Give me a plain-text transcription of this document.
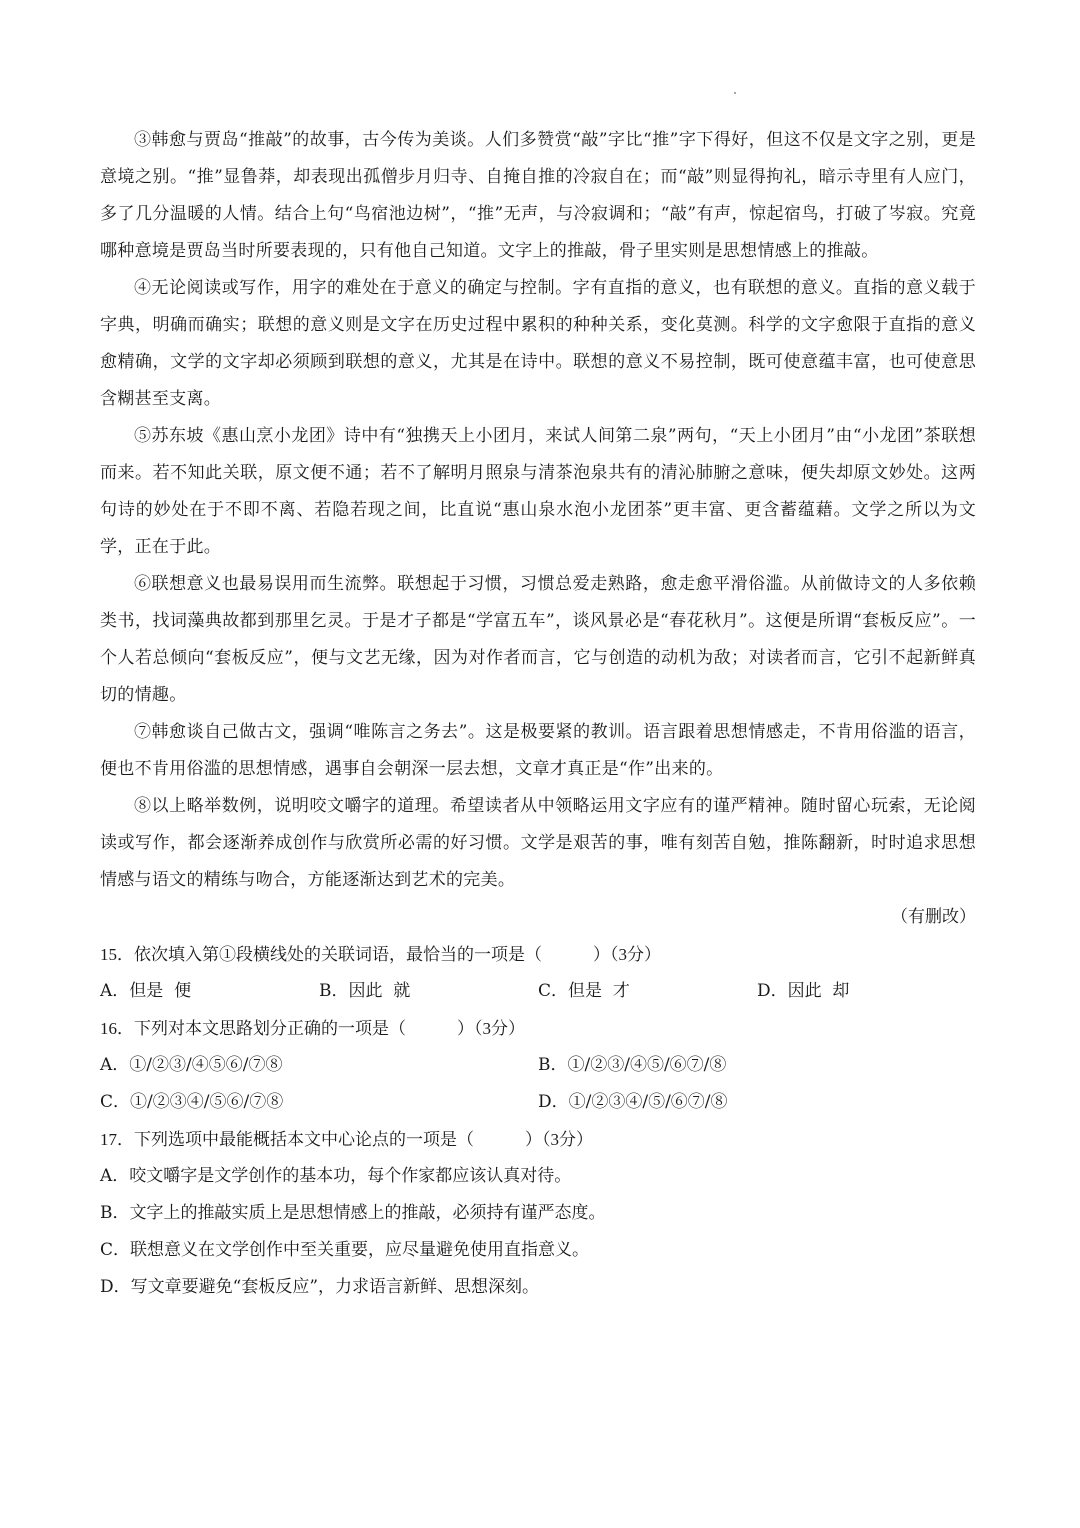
③韩愈与贾岛“推敲”的故事，古今传为美谈。人们多赞赏“敲”字比“推”字下得好，但这不仅是文字之别，更是意境之别。“推”显鲁莽，却表现出孤僧步月归寺、自掩自推的冷寂自在；而“敲”则显得拘礼，暗示寺里有人应门，多了几分温暖的人情。结合上句“鸟宿池边树”，“推”无声，与冷寂调和；“敲”有声，惊起宿鸟，打破了岑寂。究竟哪种意境是贾岛当时所要表现的，只有他自己知道。文字上的推敲，骨子里实则是思想情感上的推敲。

④无论阅读或写作，用字的难处在于意义的确定与控制。字有直指的意义，也有联想的意义。直指的意义载于字典，明确而确实；联想的意义则是文字在历史过程中累积的种种关系，变化莫测。科学的文字愈限于直指的意义愈精确，文学的文字却必须顾到联想的意义，尤其是在诗中。联想的意义不易控制，既可使意蕴丰富，也可使意思含糊甚至支离。

⑤苏东坡《惠山烹小龙团》诗中有“独携天上小团月，来试人间第二泉”两句，“天上小团月”由“小龙团”茶联想而来。若不知此关联，原文便不通；若不了解明月照泉与清茶泡泉共有的清沁肺腑之意味，便失却原文妙处。这两句诗的妙处在于不即不离、若隐若现之间，比直说“惠山泉水泡小龙团茶”更丰富、更含蓄蕴藉。文学之所以为文学，正在于此。

⑥联想意义也最易误用而生流弊。联想起于习惯，习惯总爱走熟路，愈走愈平滑俗滥。从前做诗文的人多依赖类书，找词藻典故都到那里乞灵。于是才子都是“学富五车”，谈风景必是“春花秋月”。这便是所谓“套板反应”。一个人若总倾向“套板反应”，便与文艺无缘，因为对作者而言，它与创造的动机为敌；对读者而言，它引不起新鲜真切的情趣。

⑦韩愈谈自己做古文，强调“唯陈言之务去”。这是极要紧的教训。语言跟着思想情感走，不肯用俗滥的语言，便也不肯用俗滥的思想情感，遇事自会朝深一层去想，文章才真正是“作”出来的。

⑧以上略举数例，说明咬文嚼字的道理。希望读者从中领略运用文字应有的谨严精神。随时留心玩索，无论阅读或写作，都会逐渐养成创作与欣赏所必需的好习惯。文学是艰苦的事，唯有刻苦自勉，推陈翻新，时时追求思想情感与语文的精练与吻合，方能逐渐达到艺术的完美。

（有删改）

15．依次填入第①段横线处的关联词语，最恰当的一项是（　　　）（3分）

A．但是  便	B．因此  就	C．但是  才	D．因此  却

16．下列对本文思路划分正确的一项是（　　　）（3分）

A．①/②③/④⑤⑥/⑦⑧	B．①/②③/④⑤/⑥⑦/⑧
C．①/②③④/⑤⑥/⑦⑧	D．①/②③④/⑤/⑥⑦/⑧

17．下列选项中最能概括本文中心论点的一项是（　　　）（3分）

A．咬文嚼字是文学创作的基本功，每个作家都应该认真对待。
B．文字上的推敲实质上是思想情感上的推敲，必须持有谨严态度。
C．联想意义在文学创作中至关重要，应尽量避免使用直指意义。
D．写文章要避免“套板反应”，力求语言新鲜、思想深刻。
